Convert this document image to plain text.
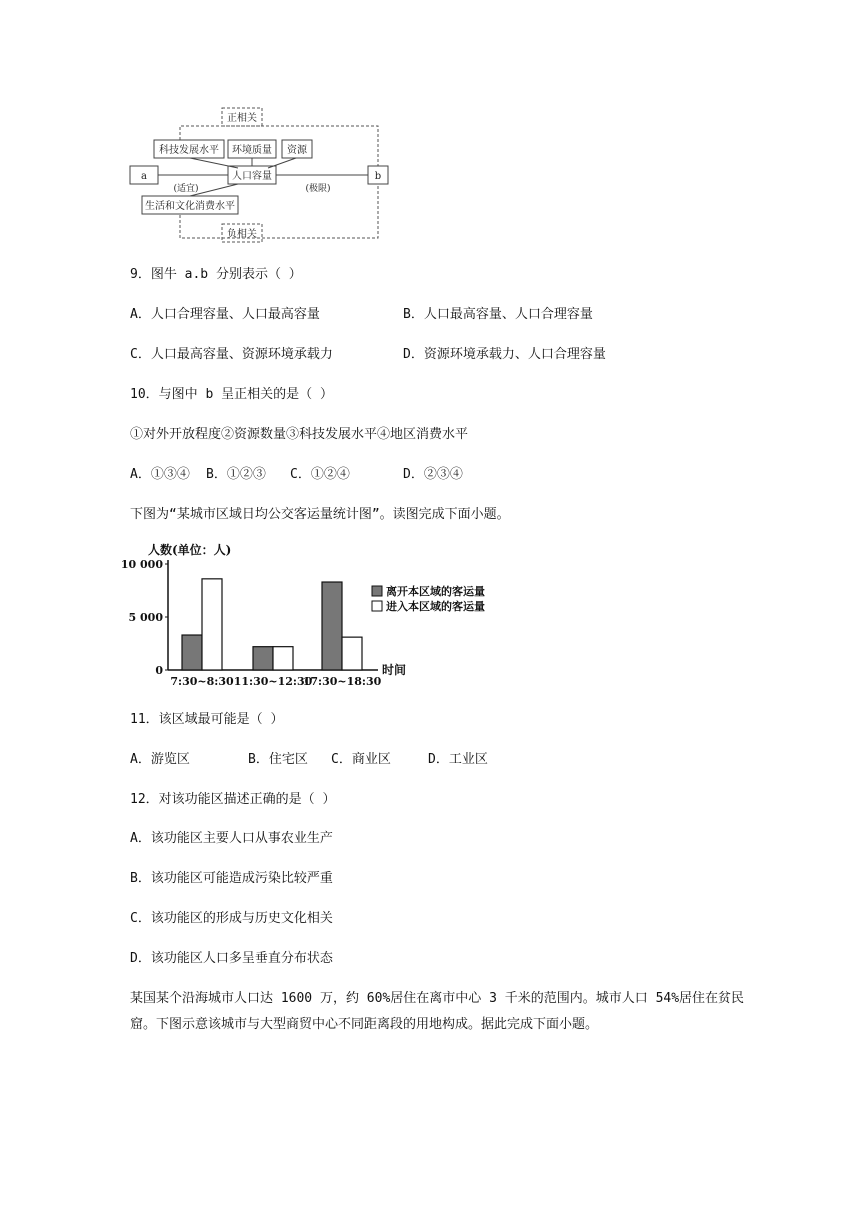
正相关
负相关
a	b
科技发展水平 环境质量 资源
人口容量
生活和文化消费水平
(适宜)	(极限)
9．图牛 a.b 分别表示（ ）
A．人口合理容量、人口最高容量	B．人口最高容量、人口合理容量
C．人口最高容量、资源环境承载力	D．资源环境承载力、人口合理容量
10．与图中 b 呈正相关的是（ ）
①对外开放程度②资源数量③科技发展水平④地区消费水平
A．①③④ B．①②③ C．①②④	D．②③④
下图为“某城市区域日均公交客运量统计图”。读图完成下面小题。
人数(单位：人)
时间
0
5 000
10 000
7:30~8:30 11:30~12:30
17:30~18:30
离开本区域的客运量
进入本区域的客运量
11．该区域最可能是（ ）
A．游览区	B．住宅区 C．商业区	D．工业区
12．对该功能区描述正确的是（ ）
A．该功能区主要人口从事农业生产
B．该功能区可能造成污染比较严重
C．该功能区的形成与历史文化相关
D．该功能区人口多呈垂直分布状态
某国某个沿海城市人口达 1600 万，约 60%居住在离市中心 3 千米的范围内。城市人口 54%居住在贫民窟。下图示意该城市与大型商贸中心不同距离段的用地构成。据此完成下面小题。
